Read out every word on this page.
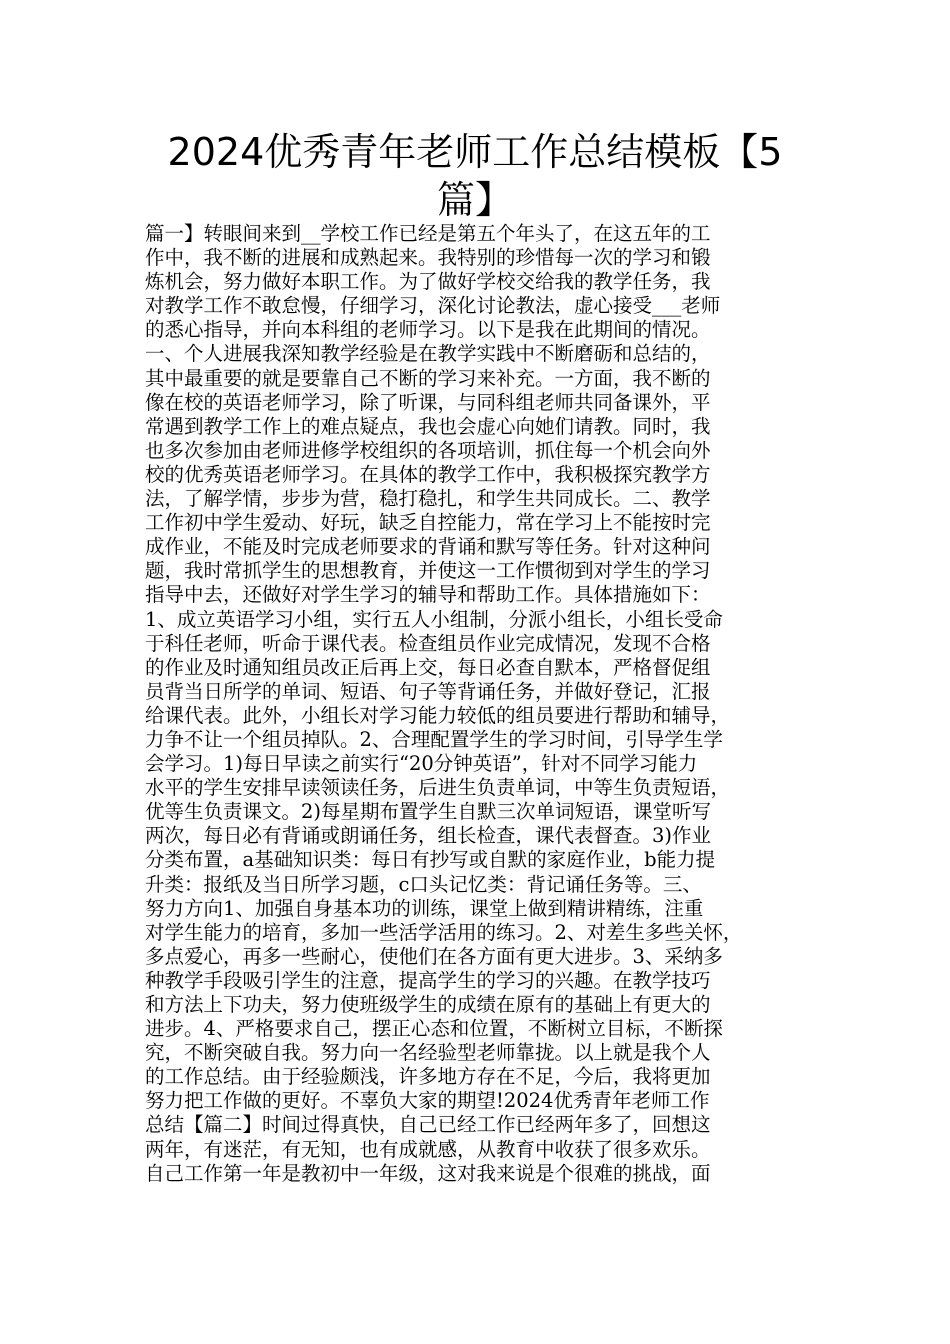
2024优秀青年老师工作总结模板【5
篇】
篇一】转眼间来到__学校工作已经是第五个年头了，在这五年的工
作中，我不断的进展和成熟起来。我特别的珍惜每一次的学习和锻
炼机会，努力做好本职工作。为了做好学校交给我的教学任务，我
对教学工作不敢怠慢，仔细学习，深化讨论教法，虚心接受___老师
的悉心指导，并向本科组的老师学习。以下是我在此期间的情况。
一、个人进展我深知教学经验是在教学实践中不断磨砺和总结的，
其中最重要的就是要靠自己不断的学习来补充。一方面，我不断的
像在校的英语老师学习，除了听课，与同科组老师共同备课外，平
常遇到教学工作上的难点疑点，我也会虚心向她们请教。同时，我
也多次参加由老师进修学校组织的各项培训，抓住每一个机会向外
校的优秀英语老师学习。在具体的教学工作中，我积极探究教学方
法，了解学情，步步为营，稳打稳扎，和学生共同成长。二、教学
工作初中学生爱动、好玩，缺乏自控能力，常在学习上不能按时完
成作业，不能及时完成老师要求的背诵和默写等任务。针对这种问
题，我时常抓学生的思想教育，并使这一工作惯彻到对学生的学习
指导中去，还做好对学生学习的辅导和帮助工作。具体措施如下：
1、成立英语学习小组，实行五人小组制，分派小组长，小组长受命
于科任老师，听命于课代表。检查组员作业完成情况，发现不合格
的作业及时通知组员改正后再上交，每日必查自默本，严格督促组
员背当日所学的单词、短语、句子等背诵任务，并做好登记，汇报
给课代表。此外，小组长对学习能力较低的组员要进行帮助和辅导，
力争不让一个组员掉队。2、合理配置学生的学习时间，引导学生学
会学习。1)每日早读之前实行“20分钟英语”，针对不同学习能力
水平的学生安排早读领读任务，后进生负责单词，中等生负责短语，
优等生负责课文。2)每星期布置学生自默三次单词短语，课堂听写
两次，每日必有背诵或朗诵任务，组长检查，课代表督查。3)作业
分类布置，a基础知识类：每日有抄写或自默的家庭作业，b能力提
升类：报纸及当日所学习题，c口头记忆类：背记诵任务等。三、
努力方向1、加强自身基本功的训练，课堂上做到精讲精练，注重
对学生能力的培育，多加一些活学活用的练习。2、对差生多些关怀，
多点爱心，再多一些耐心，使他们在各方面有更大进步。3、采纳多
种教学手段吸引学生的注意，提高学生的学习的兴趣。在教学技巧
和方法上下功夫，努力使班级学生的成绩在原有的基础上有更大的
进步。4、严格要求自己，摆正心态和位置，不断树立目标，不断探
究，不断突破自我。努力向一名经验型老师靠拢。以上就是我个人
的工作总结。由于经验颇浅，许多地方存在不足，今后，我将更加
努力把工作做的更好。不辜负大家的期望!2024优秀青年老师工作
总结【篇二】时间过得真快，自己已经工作已经两年多了，回想这
两年，有迷茫，有无知，也有成就感，从教育中收获了很多欢乐。
自己工作第一年是教初中一年级，这对我来说是个很难的挑战，面
